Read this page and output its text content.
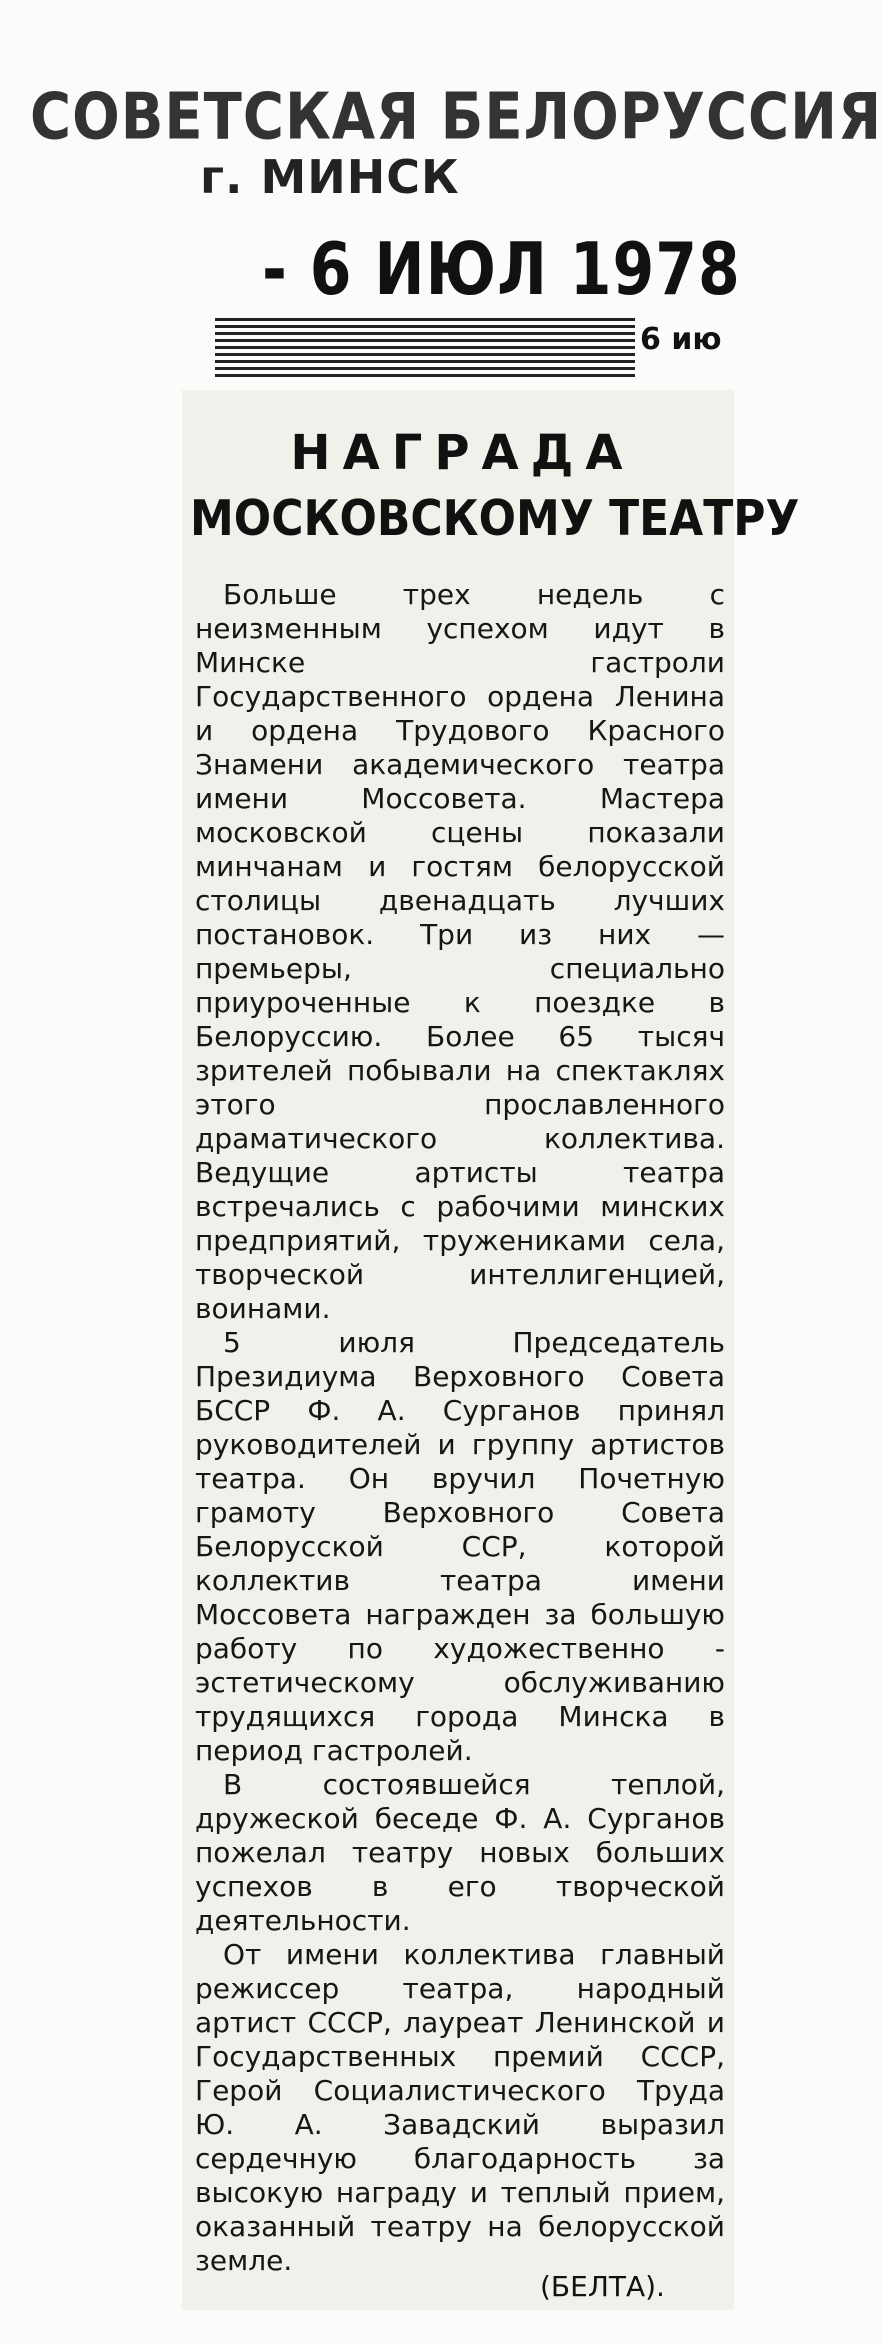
СОВЕТСКАЯ БЕЛОРУССИЯ
г. МИНСК
- 6 ИЮЛ 1978
6 ию
НАГРАДА
МОСКОВСКОМУ ТЕАТРУ

Больше трех недель с неизменным успехом идут в Минске гастроли Государственного ордена Ленина и ордена Трудового Красного Знамени академического театра имени Моссовета. Мастера московской сцены показали минчанам и гостям белорусской столицы двенадцать лучших постановок. Три из них — премьеры, специально приуроченные к поездке в Белоруссию. Более 65 тысяч зрителей побывали на спектаклях этого прославленного драматического коллектива. Ведущие артисты театра встречались с рабочими минских предприятий, тружениками села, творческой интеллигенцией, воинами.

5 июля Председатель Президиума Верховного Совета БССР Ф. А. Сурганов принял руководителей и группу артистов театра. Он вручил Почетную грамоту Верховного Совета Белорусской ССР, которой коллектив театра имени Моссовета награжден за большую работу по художественно - эстетическому обслуживанию трудящихся города Минска в период гастролей.

В состоявшейся теплой, дружеской беседе Ф. А. Сурганов пожелал театру новых больших успехов в его творческой деятельности.

От имени коллектива главный режиссер театра, народный артист СССР, лауреат Ленинской и Государственных премий СССР, Герой Социалистического Труда Ю. А. Завадский выразил сердечную благодарность за высокую награду и теплый прием, оказанный театру на белорусской земле.

(БЕЛТА).
